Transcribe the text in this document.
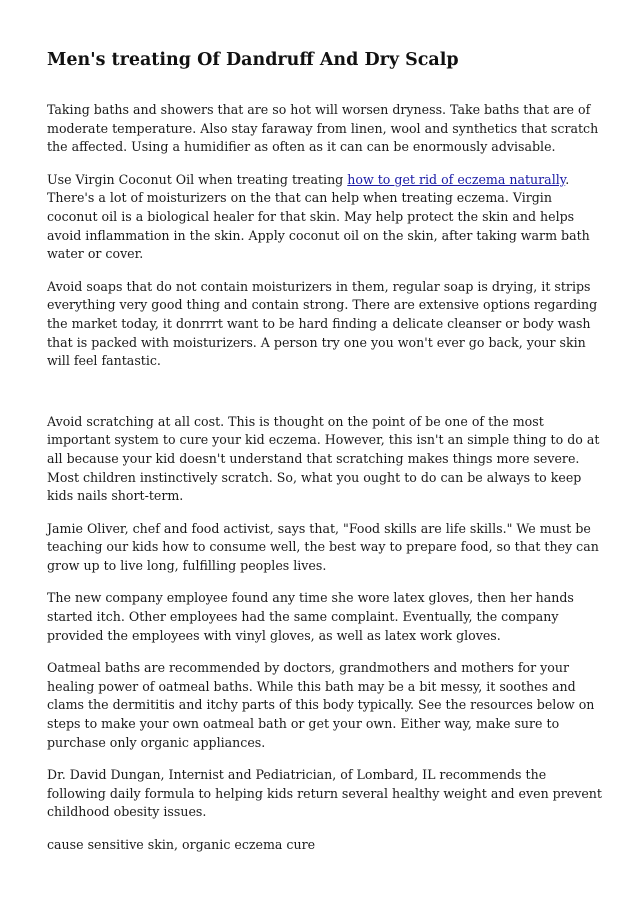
Men's treating Of Dandruff And Dry Scalp

Taking baths and showers that are so hot will worsen dryness. Take baths that are of moderate temperature. Also stay faraway from linen, wool and synthetics that scratch the affected. Using a humidifier as often as it can can be enormously advisable.

Use Virgin Coconut Oil when treating treating how to get rid of eczema naturally. There's a lot of moisturizers on the that can help when treating eczema. Virgin coconut oil is a biological healer for that skin. May help protect the skin and helps avoid inflammation in the skin. Apply coconut oil on the skin, after taking warm bath water or cover.

Avoid soaps that do not contain moisturizers in them, regular soap is drying, it strips everything very good thing and contain strong. There are extensive options regarding the market today, it donrrrt want to be hard finding a delicate cleanser or body wash that is packed with moisturizers. A person try one you won't ever go back, your skin will feel fantastic.

Avoid scratching at all cost. This is thought on the point of be one of the most important system to cure your kid eczema. However, this isn't an simple thing to do at all because your kid doesn't understand that scratching makes things more severe. Most children instinctively scratch. So, what you ought to do can be always to keep kids nails short-term.

Jamie Oliver, chef and food activist, says that, "Food skills are life skills." We must be teaching our kids how to consume well, the best way to prepare food, so that they can grow up to live long, fulfilling peoples lives.

The new company employee found any time she wore latex gloves, then her hands started itch. Other employees had the same complaint. Eventually, the company provided the employees with vinyl gloves, as well as latex work gloves.

Oatmeal baths are recommended by doctors, grandmothers and mothers for your healing power of oatmeal baths. While this bath may be a bit messy, it soothes and clams the dermititis and itchy parts of this body typically. See the resources below on steps to make your own oatmeal bath or get your own. Either way, make sure to purchase only organic appliances.

Dr. David Dungan, Internist and Pediatrician, of Lombard, IL recommends the following daily formula to helping kids return several healthy weight and even prevent childhood obesity issues.

cause sensitive skin, organic eczema cure
